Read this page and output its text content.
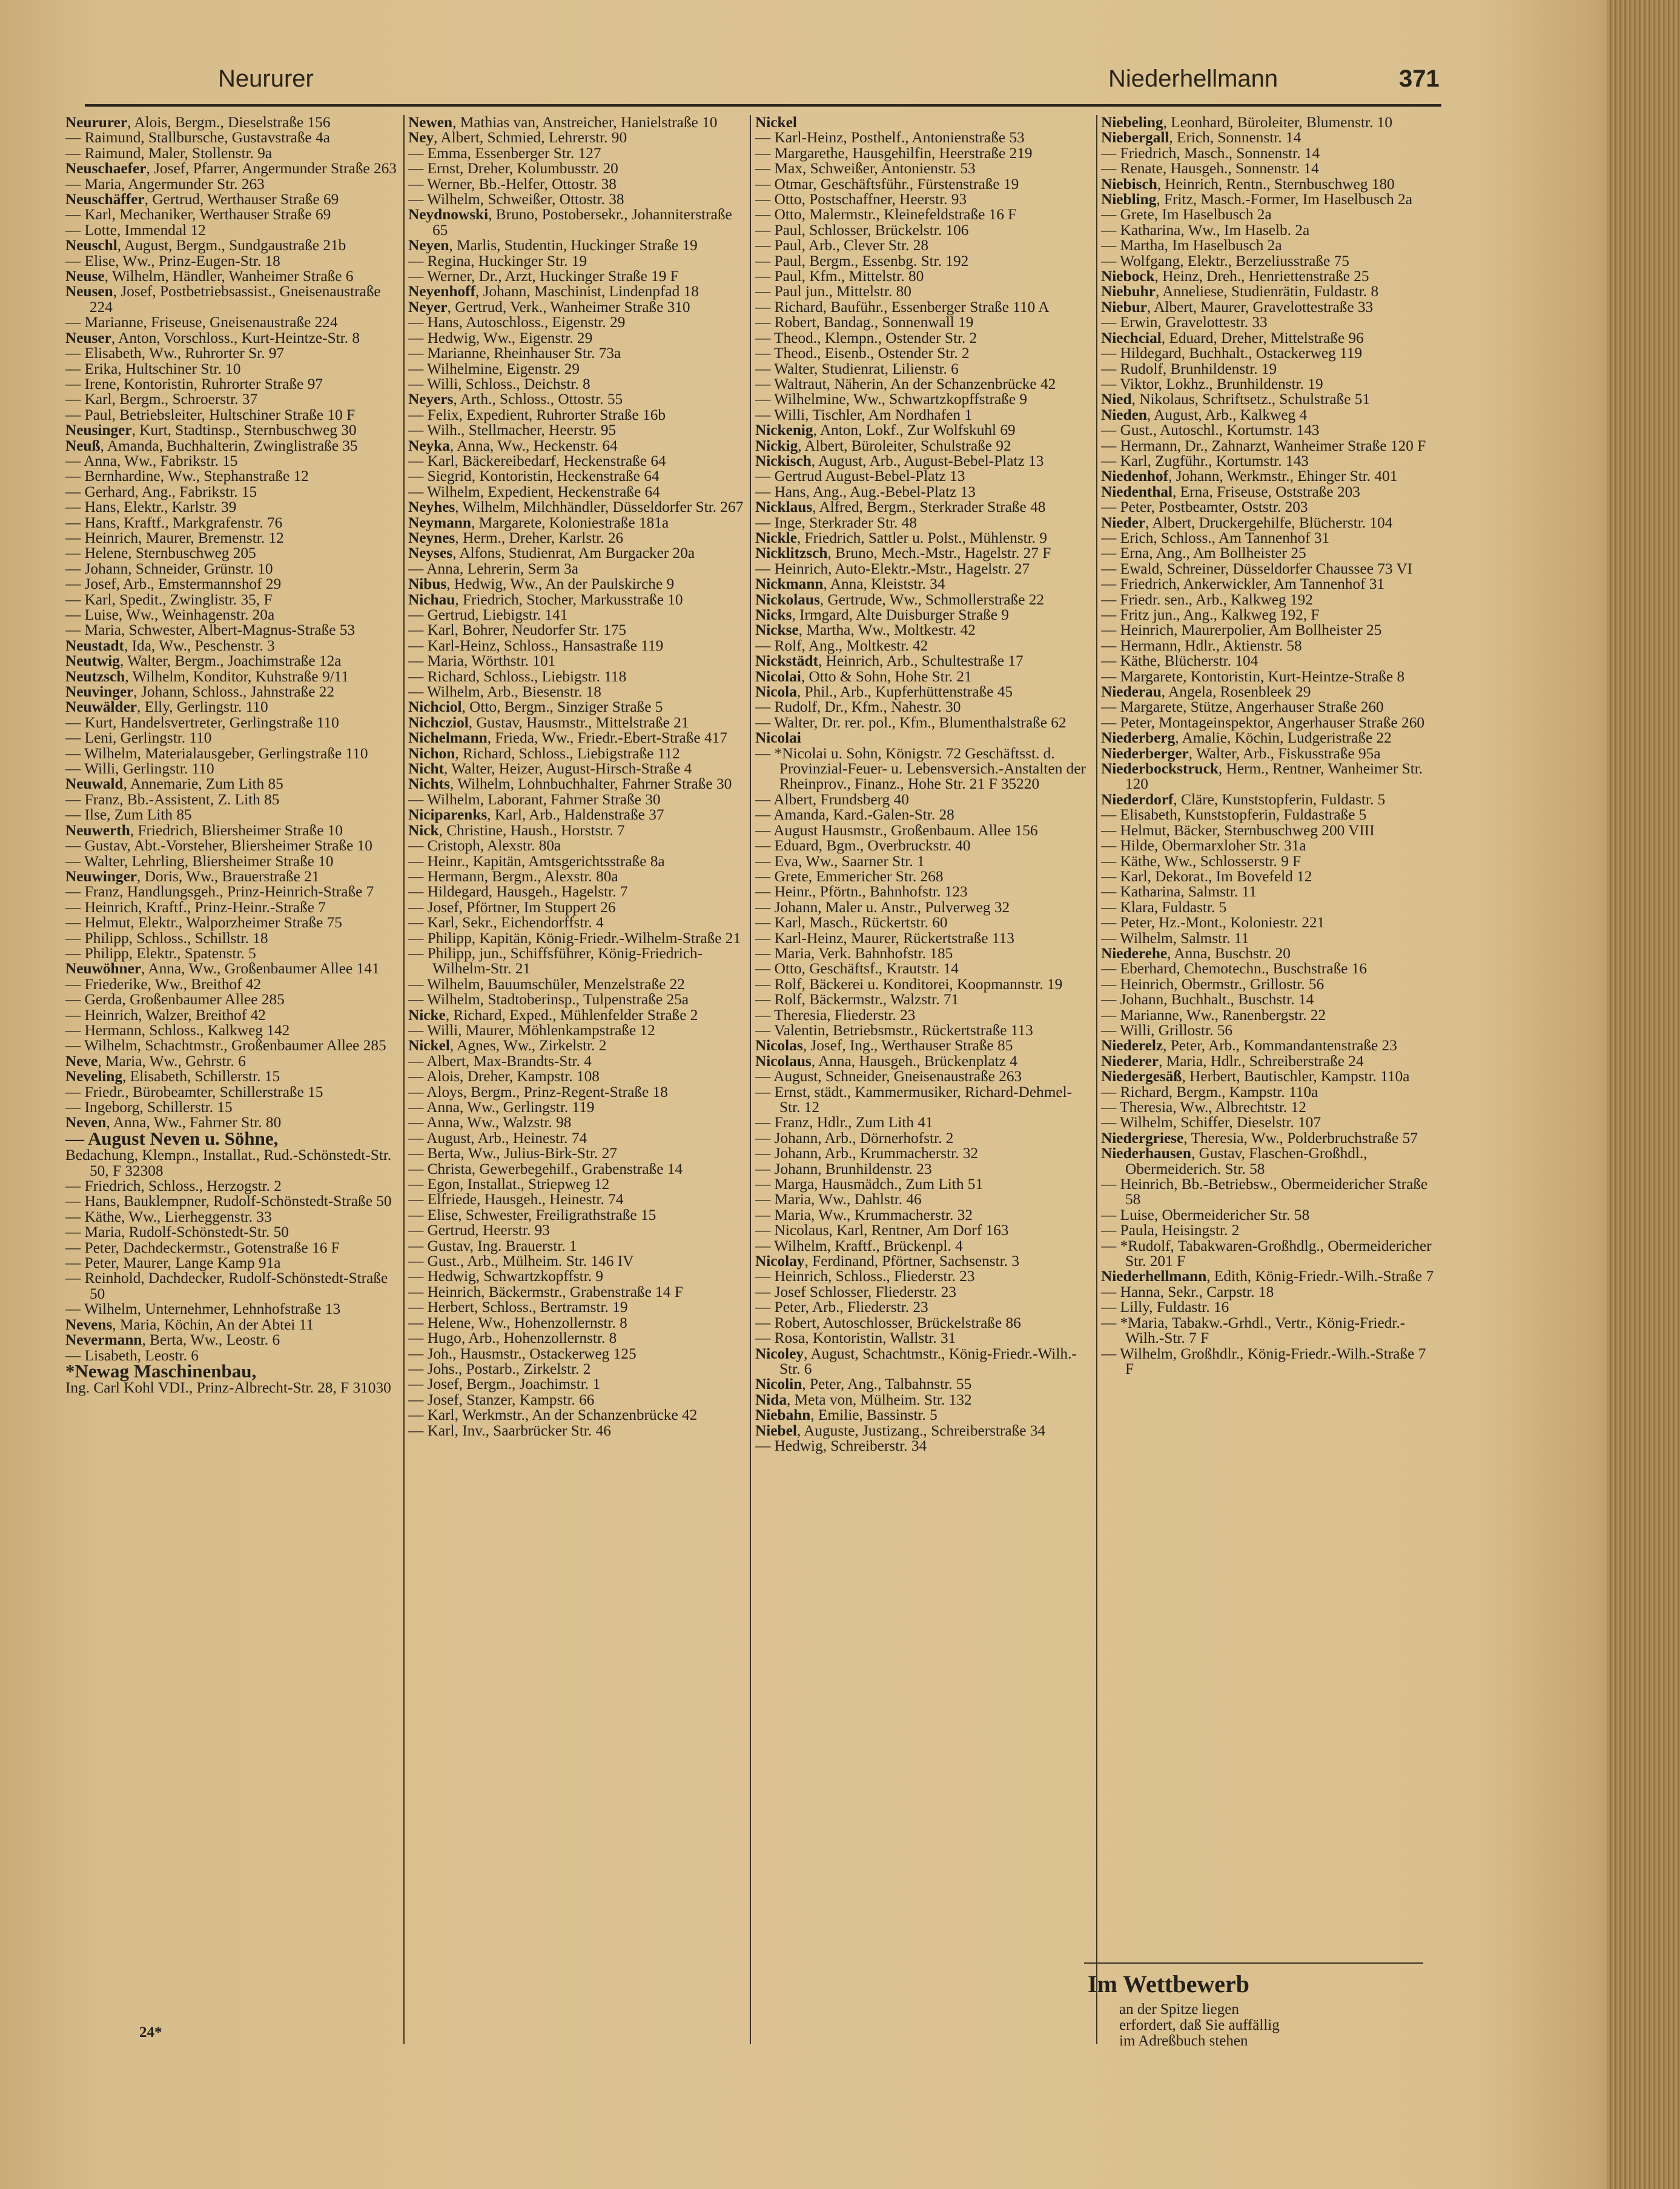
Neururer	Niederhellmann	371

Neururer, Alois, Bergm., Dieselstraße 156

— Raimund, Stallbursche, Gustavstraße 4a

— Raimund, Maler, Stollenstr. 9a

Neuschaefer, Josef, Pfarrer, Angermunder Straße 263

— Maria, Angermunder Str. 263

Neuschäffer, Gertrud, Werthauser Straße 69

— Karl, Mechaniker, Werthauser Straße 69

— Lotte, Immendal 12

Neuschl, August, Bergm., Sundgaustraße 21b

— Elise, Ww., Prinz-Eugen-Str. 18

Neuse, Wilhelm, Händler, Wanheimer Straße 6

Neusen, Josef, Postbetriebsassist., Gneisenaustraße 224

— Marianne, Friseuse, Gneisenaustraße 224

Neuser, Anton, Vorschloss., Kurt-Heintze-Str. 8

— Elisabeth, Ww., Ruhrorter Sr. 97

— Erika, Hultschiner Str. 10

— Irene, Kontoristin, Ruhrorter Straße 97

— Karl, Bergm., Schroerstr. 37

— Paul, Betriebsleiter, Hultschiner Straße 10 F

Neusinger, Kurt, Stadtinsp., Sternbuschweg 30

Neuß, Amanda, Buchhalterin, Zwinglistraße 35

— Anna, Ww., Fabrikstr. 15

— Bernhardine, Ww., Stephanstraße 12

— Gerhard, Ang., Fabrikstr. 15

— Hans, Elektr., Karlstr. 39

— Hans, Kraftf., Markgrafenstr. 76

— Heinrich, Maurer, Bremenstr. 12

— Helene, Sternbuschweg 205

— Johann, Schneider, Grünstr. 10

— Josef, Arb., Emstermannshof 29

— Karl, Spedit., Zwinglistr. 35, F

— Luise, Ww., Weinhagenstr. 20a

— Maria, Schwester, Albert-Magnus-Straße 53

Neustadt, Ida, Ww., Peschenstr. 3

Neutwig, Walter, Bergm., Joachimstraße 12a

Neutzsch, Wilhelm, Konditor, Kuhstraße 9/11

Neuvinger, Johann, Schloss., Jahnstraße 22

Neuwälder, Elly, Gerlingstr. 110

— Kurt, Handelsvertreter, Gerlingstraße 110

— Leni, Gerlingstr. 110

— Wilhelm, Materialausgeber, Gerlingstraße 110

— Willi, Gerlingstr. 110

Neuwald, Annemarie, Zum Lith 85

— Franz, Bb.-Assistent, Z. Lith 85

— Ilse, Zum Lith 85

Neuwerth, Friedrich, Bliersheimer Straße 10

— Gustav, Abt.-Vorsteher, Bliersheimer Straße 10

— Walter, Lehrling, Bliersheimer Straße 10

Neuwinger, Doris, Ww., Brauerstraße 21

— Franz, Handlungsgeh., Prinz-Heinrich-Straße 7

— Heinrich, Kraftf., Prinz-Heinr.-Straße 7

— Helmut, Elektr., Walporzheimer Straße 75

— Philipp, Schloss., Schillstr. 18

— Philipp, Elektr., Spatenstr. 5

Neuwöhner, Anna, Ww., Großenbaumer Allee 141

— Friederike, Ww., Breithof 42

— Gerda, Großenbaumer Allee 285

— Heinrich, Walzer, Breithof 42

— Hermann, Schloss., Kalkweg 142

— Wilhelm, Schachtmstr., Großenbaumer Allee 285

Neve, Maria, Ww., Gehrstr. 6

Neveling, Elisabeth, Schillerstr. 15

— Friedr., Bürobeamter, Schillerstraße 15

— Ingeborg, Schillerstr. 15

Neven, Anna, Ww., Fahrner Str. 80

— August Neven u. Söhne,

Bedachung, Klempn., Installat., Rud.-Schönstedt-Str. 50, F 32308

— Friedrich, Schloss., Herzogstr. 2

— Hans, Bauklempner, Rudolf-Schönstedt-Straße 50

— Käthe, Ww., Lierheggenstr. 33

— Maria, Rudolf-Schönstedt-Str. 50

— Peter, Dachdeckermstr., Gotenstraße 16 F

— Peter, Maurer, Lange Kamp 91a

— Reinhold, Dachdecker, Rudolf-Schönstedt-Straße 50

— Wilhelm, Unternehmer, Lehnhofstraße 13

Nevens, Maria, Köchin, An der Abtei 11

Nevermann, Berta, Ww., Leostr. 6

— Lisabeth, Leostr. 6

*Newag Maschinenbau,

Ing. Carl Kohl VDI., Prinz-Albrecht-Str. 28, F 31030

Newen, Mathias van, Anstreicher, Hanielstraße 10

Ney, Albert, Schmied, Lehrerstr. 90

— Emma, Essenberger Str. 127

— Ernst, Dreher, Kolumbusstr. 20

— Werner, Bb.-Helfer, Ottostr. 38

— Wilhelm, Schweißer, Ottostr. 38

Neydnowski, Bruno, Postobersekr., Johanniterstraße 65

Neyen, Marlis, Studentin, Huckinger Straße 19

— Regina, Huckinger Str. 19

— Werner, Dr., Arzt, Huckinger Straße 19 F

Neyenhoff, Johann, Maschinist, Lindenpfad 18

Neyer, Gertrud, Verk., Wanheimer Straße 310

— Hans, Autoschloss., Eigenstr. 29

— Hedwig, Ww., Eigenstr. 29

— Marianne, Rheinhauser Str. 73a

— Wilhelmine, Eigenstr. 29

— Willi, Schloss., Deichstr. 8

Neyers, Arth., Schloss., Ottostr. 55

— Felix, Expedient, Ruhrorter Straße 16b

— Wilh., Stellmacher, Heerstr. 95

Neyka, Anna, Ww., Heckenstr. 64

— Karl, Bäckereibedarf, Heckenstraße 64

— Siegrid, Kontoristin, Heckenstraße 64

— Wilhelm, Expedient, Heckenstraße 64

Neyhes, Wilhelm, Milchhändler, Düsseldorfer Str. 267

Neymann, Margarete, Koloniestraße 181a

Neynes, Herm., Dreher, Karlstr. 26

Neyses, Alfons, Studienrat, Am Burgacker 20a

— Anna, Lehrerin, Serm 3a

Nibus, Hedwig, Ww., An der Paulskirche 9

Nichau, Friedrich, Stocher, Markusstraße 10

— Gertrud, Liebigstr. 141

— Karl, Bohrer, Neudorfer Str. 175

— Karl-Heinz, Schloss., Hansastraße 119

— Maria, Wörthstr. 101

— Richard, Schloss., Liebigstr. 118

— Wilhelm, Arb., Biesenstr. 18

Nichciol, Otto, Bergm., Sinziger Straße 5

Nichcziol, Gustav, Hausmstr., Mittelstraße 21

Nichelmann, Frieda, Ww., Friedr.-Ebert-Straße 417

Nichon, Richard, Schloss., Liebigstraße 112

Nicht, Walter, Heizer, August-Hirsch-Straße 4

Nichts, Wilhelm, Lohnbuchhalter, Fahrner Straße 30

— Wilhelm, Laborant, Fahrner Straße 30

Niciparenks, Karl, Arb., Haldenstraße 37

Nick, Christine, Haush., Horststr. 7

— Cristoph, Alexstr. 80a

— Heinr., Kapitän, Amtsgerichtsstraße 8a

— Hermann, Bergm., Alexstr. 80a

— Hildegard, Hausgeh., Hagelstr. 7

— Josef, Pförtner, Im Stuppert 26

— Karl, Sekr., Eichendorffstr. 4

— Philipp, Kapitän, König-Friedr.-Wilhelm-Straße 21

— Philipp, jun., Schiffsführer, König-Friedrich-Wilhelm-Str. 21

— Wilhelm, Bauumschüler, Menzelstraße 22

— Wilhelm, Stadtoberinsp., Tulpenstraße 25a

Nicke, Richard, Exped., Mühlenfelder Straße 2

— Willi, Maurer, Möhlenkampstraße 12

Nickel, Agnes, Ww., Zirkelstr. 2

— Albert, Max-Brandts-Str. 4

— Alois, Dreher, Kampstr. 108

— Aloys, Bergm., Prinz-Regent-Straße 18

— Anna, Ww., Gerlingstr. 119

— Anna, Ww., Walzstr. 98

— August, Arb., Heinestr. 74

— Berta, Ww., Julius-Birk-Str. 27

— Christa, Gewerbegehilf., Grabenstraße 14

— Egon, Installat., Striepweg 12

— Elfriede, Hausgeh., Heinestr. 74

— Elise, Schwester, Freiligrathstraße 15

— Gertrud, Heerstr. 93

— Gustav, Ing. Brauerstr. 1

— Gust., Arb., Mülheim. Str. 146 IV

— Hedwig, Schwartzkopffstr. 9

— Heinrich, Bäckermstr., Grabenstraße 14 F

— Herbert, Schloss., Bertramstr. 19

— Helene, Ww., Hohenzollernstr. 8

— Hugo, Arb., Hohenzollernstr. 8

— Joh., Hausmstr., Ostackerweg 125

— Johs., Postarb., Zirkelstr. 2

— Josef, Bergm., Joachimstr. 1

— Josef, Stanzer, Kampstr. 66

— Karl, Werkmstr., An der Schanzenbrücke 42

— Karl, Inv., Saarbrücker Str. 46

Nickel

— Karl-Heinz, Posthelf., Antonienstraße 53

— Margarethe, Hausgehilfin, Heerstraße 219

— Max, Schweißer, Antonienstr. 53

— Otmar, Geschäftsführ., Fürstenstraße 19

— Otto, Postschaffner, Heerstr. 93

— Otto, Malermstr., Kleinefeldstraße 16 F

— Paul, Schlosser, Brückelstr. 106

— Paul, Arb., Clever Str. 28

— Paul, Bergm., Essenbg. Str. 192

— Paul, Kfm., Mittelstr. 80

— Paul jun., Mittelstr. 80

— Richard, Bauführ., Essenberger Straße 110 A

— Robert, Bandag., Sonnenwall 19

— Theod., Klempn., Ostender Str. 2

— Theod., Eisenb., Ostender Str. 2

— Walter, Studienrat, Lilienstr. 6

— Waltraut, Näherin, An der Schanzenbrücke 42

— Wilhelmine, Ww., Schwartzkopffstraße 9

— Willi, Tischler, Am Nordhafen 1

Nickenig, Anton, Lokf., Zur Wolfskuhl 69

Nickig, Albert, Büroleiter, Schulstraße 92

Nickisch, August, Arb., August-Bebel-Platz 13

— Gertrud August-Bebel-Platz 13

— Hans, Ang., Aug.-Bebel-Platz 13

Nicklaus, Alfred, Bergm., Sterkrader Straße 48

— Inge, Sterkrader Str. 48

Nickle, Friedrich, Sattler u. Polst., Mühlenstr. 9

Nicklitzsch, Bruno, Mech.-Mstr., Hagelstr. 27 F

— Heinrich, Auto-Elektr.-Mstr., Hagelstr. 27

Nickmann, Anna, Kleiststr. 34

Nickolaus, Gertrude, Ww., Schmollerstraße 22

Nicks, Irmgard, Alte Duisburger Straße 9

Nickse, Martha, Ww., Moltkestr. 42

— Rolf, Ang., Moltkestr. 42

Nickstädt, Heinrich, Arb., Schultestraße 17

Nicolai, Otto & Sohn, Hohe Str. 21

Nicola, Phil., Arb., Kupferhüttenstraße 45

— Rudolf, Dr., Kfm., Nahestr. 30

— Walter, Dr. rer. pol., Kfm., Blumenthalstraße 62

Nicolai

— *Nicolai u. Sohn, Königstr. 72 Geschäftsst. d. Provinzial-Feuer- u. Lebensversich.-Anstalten der Rheinprov., Finanz., Hohe Str. 21 F 35220

— Albert, Frundsberg 40

— Amanda, Kard.-Galen-Str. 28

— August Hausmstr., Großenbaum. Allee 156

— Eduard, Bgm., Overbruckstr. 40

— Eva, Ww., Saarner Str. 1

— Grete, Emmericher Str. 268

— Heinr., Pförtn., Bahnhofstr. 123

— Johann, Maler u. Anstr., Pulverweg 32

— Karl, Masch., Rückertstr. 60

— Karl-Heinz, Maurer, Rückertstraße 113

— Maria, Verk. Bahnhofstr. 185

— Otto, Geschäftsf., Krautstr. 14

— Rolf, Bäckerei u. Konditorei, Koopmannstr. 19

— Rolf, Bäckermstr., Walzstr. 71

— Theresia, Fliederstr. 23

— Valentin, Betriebsmstr., Rückertstraße 113

Nicolas, Josef, Ing., Werthauser Straße 85

Nicolaus, Anna, Hausgeh., Brückenplatz 4

— August, Schneider, Gneisenaustraße 263

— Ernst, städt., Kammermusiker, Richard-Dehmel-Str. 12

— Franz, Hdlr., Zum Lith 41

— Johann, Arb., Dörnerhofstr. 2

— Johann, Arb., Krummacherstr. 32

— Johann, Brunhildenstr. 23

— Marga, Hausmädch., Zum Lith 51

— Maria, Ww., Dahlstr. 46

— Maria, Ww., Krummacherstr. 32

— Nicolaus, Karl, Rentner, Am Dorf 163

— Wilhelm, Kraftf., Brückenpl. 4

Nicolay, Ferdinand, Pförtner, Sachsenstr. 3

— Heinrich, Schloss., Fliederstr. 23

— Josef Schlosser, Fliederstr. 23

— Peter, Arb., Fliederstr. 23

— Robert, Autoschlosser, Brückelstraße 86

— Rosa, Kontoristin, Wallstr. 31

Nicoley, August, Schachtmstr., König-Friedr.-Wilh.-Str. 6

Nicolin, Peter, Ang., Talbahnstr. 55

Nida, Meta von, Mülheim. Str. 132

Niebahn, Emilie, Bassinstr. 5

Niebel, Auguste, Justizang., Schreiberstraße 34

— Hedwig, Schreiberstr. 34

Niebeling, Leonhard, Büroleiter, Blumenstr. 10

Niebergall, Erich, Sonnenstr. 14

— Friedrich, Masch., Sonnenstr. 14

— Renate, Hausgeh., Sonnenstr. 14

Niebisch, Heinrich, Rentn., Sternbuschweg 180

Niebling, Fritz, Masch.-Former, Im Haselbusch 2a

— Grete, Im Haselbusch 2a

— Katharina, Ww., Im Haselb. 2a

— Martha, Im Haselbusch 2a

— Wolfgang, Elektr., Berzeliusstraße 75

Niebock, Heinz, Dreh., Henriettenstraße 25

Niebuhr, Anneliese, Studienrätin, Fuldastr. 8

Niebur, Albert, Maurer, Gravelottestraße 33

— Erwin, Gravelottestr. 33

Niechcial, Eduard, Dreher, Mittelstraße 96

— Hildegard, Buchhalt., Ostackerweg 119

— Rudolf, Brunhildenstr. 19

— Viktor, Lokhz., Brunhildenstr. 19

Nied, Nikolaus, Schriftsetz., Schulstraße 51

Nieden, August, Arb., Kalkweg 4

— Gust., Autoschl., Kortumstr. 143

— Hermann, Dr., Zahnarzt, Wanheimer Straße 120 F

— Karl, Zugführ., Kortumstr. 143

Niedenhof, Johann, Werkmstr., Ehinger Str. 401

Niedenthal, Erna, Friseuse, Oststraße 203

— Peter, Postbeamter, Oststr. 203

Nieder, Albert, Druckergehilfe, Blücherstr. 104

— Erich, Schloss., Am Tannenhof 31

— Erna, Ang., Am Bollheister 25

— Ewald, Schreiner, Düsseldorfer Chaussee 73 VI

— Friedrich, Ankerwickler, Am Tannenhof 31

— Friedr. sen., Arb., Kalkweg 192

— Fritz jun., Ang., Kalkweg 192, F

— Heinrich, Maurerpolier, Am Bollheister 25

— Hermann, Hdlr., Aktienstr. 58

— Käthe, Blücherstr. 104

— Margarete, Kontoristin, Kurt-Heintze-Straße 8

Niederau, Angela, Rosenbleek 29

— Margarete, Stütze, Angerhauser Straße 260

— Peter, Montageinspektor, Angerhauser Straße 260

Niederberg, Amalie, Köchin, Ludgeristraße 22

Niederberger, Walter, Arb., Fiskusstraße 95a

Niederbockstruck, Herm., Rentner, Wanheimer Str. 120

Niederdorf, Cläre, Kunststopferin, Fuldastr. 5

— Elisabeth, Kunststopferin, Fuldastraße 5

— Helmut, Bäcker, Sternbuschweg 200 VIII

— Hilde, Obermarxloher Str. 31a

— Käthe, Ww., Schlosserstr. 9 F

— Karl, Dekorat., Im Bovefeld 12

— Katharina, Salmstr. 11

— Klara, Fuldastr. 5

— Peter, Hz.-Mont., Koloniestr. 221

— Wilhelm, Salmstr. 11

Niederehe, Anna, Buschstr. 20

— Eberhard, Chemotechn., Buschstraße 16

— Heinrich, Obermstr., Grillostr. 56

— Johann, Buchhalt., Buschstr. 14

— Marianne, Ww., Ranenbergstr. 22

— Willi, Grillostr. 56

Niederelz, Peter, Arb., Kommandantenstraße 23

Niederer, Maria, Hdlr., Schreiberstraße 24

Niedergesäß, Herbert, Bautischler, Kampstr. 110a

— Richard, Bergm., Kampstr. 110a

— Theresia, Ww., Albrechtstr. 12

— Wilhelm, Schiffer, Dieselstr. 107

Niedergriese, Theresia, Ww., Polderbruchstraße 57

Niederhausen, Gustav, Flaschen-Großhdl., Obermeiderich. Str. 58

— Heinrich, Bb.-Betriebsw., Obermeidericher Straße 58

— Luise, Obermeidericher Str. 58

— Paula, Heisingstr. 2

— *Rudolf, Tabakwaren-Großhdlg., Obermeidericher Str. 201 F

Niederhellmann, Edith, König-Friedr.-Wilh.-Straße 7

— Hanna, Sekr., Carpstr. 18

— Lilly, Fuldastr. 16

— *Maria, Tabakw.-Grhdl., Vertr., König-Friedr.-Wilh.-Str. 7 F

— Wilhelm, Großhdlr., König-Friedr.-Wilh.-Straße 7 F

Im Wettbewerb
an der Spitze liegen
erfordert, daß Sie auffällig
im Adreßbuch stehen
24*
